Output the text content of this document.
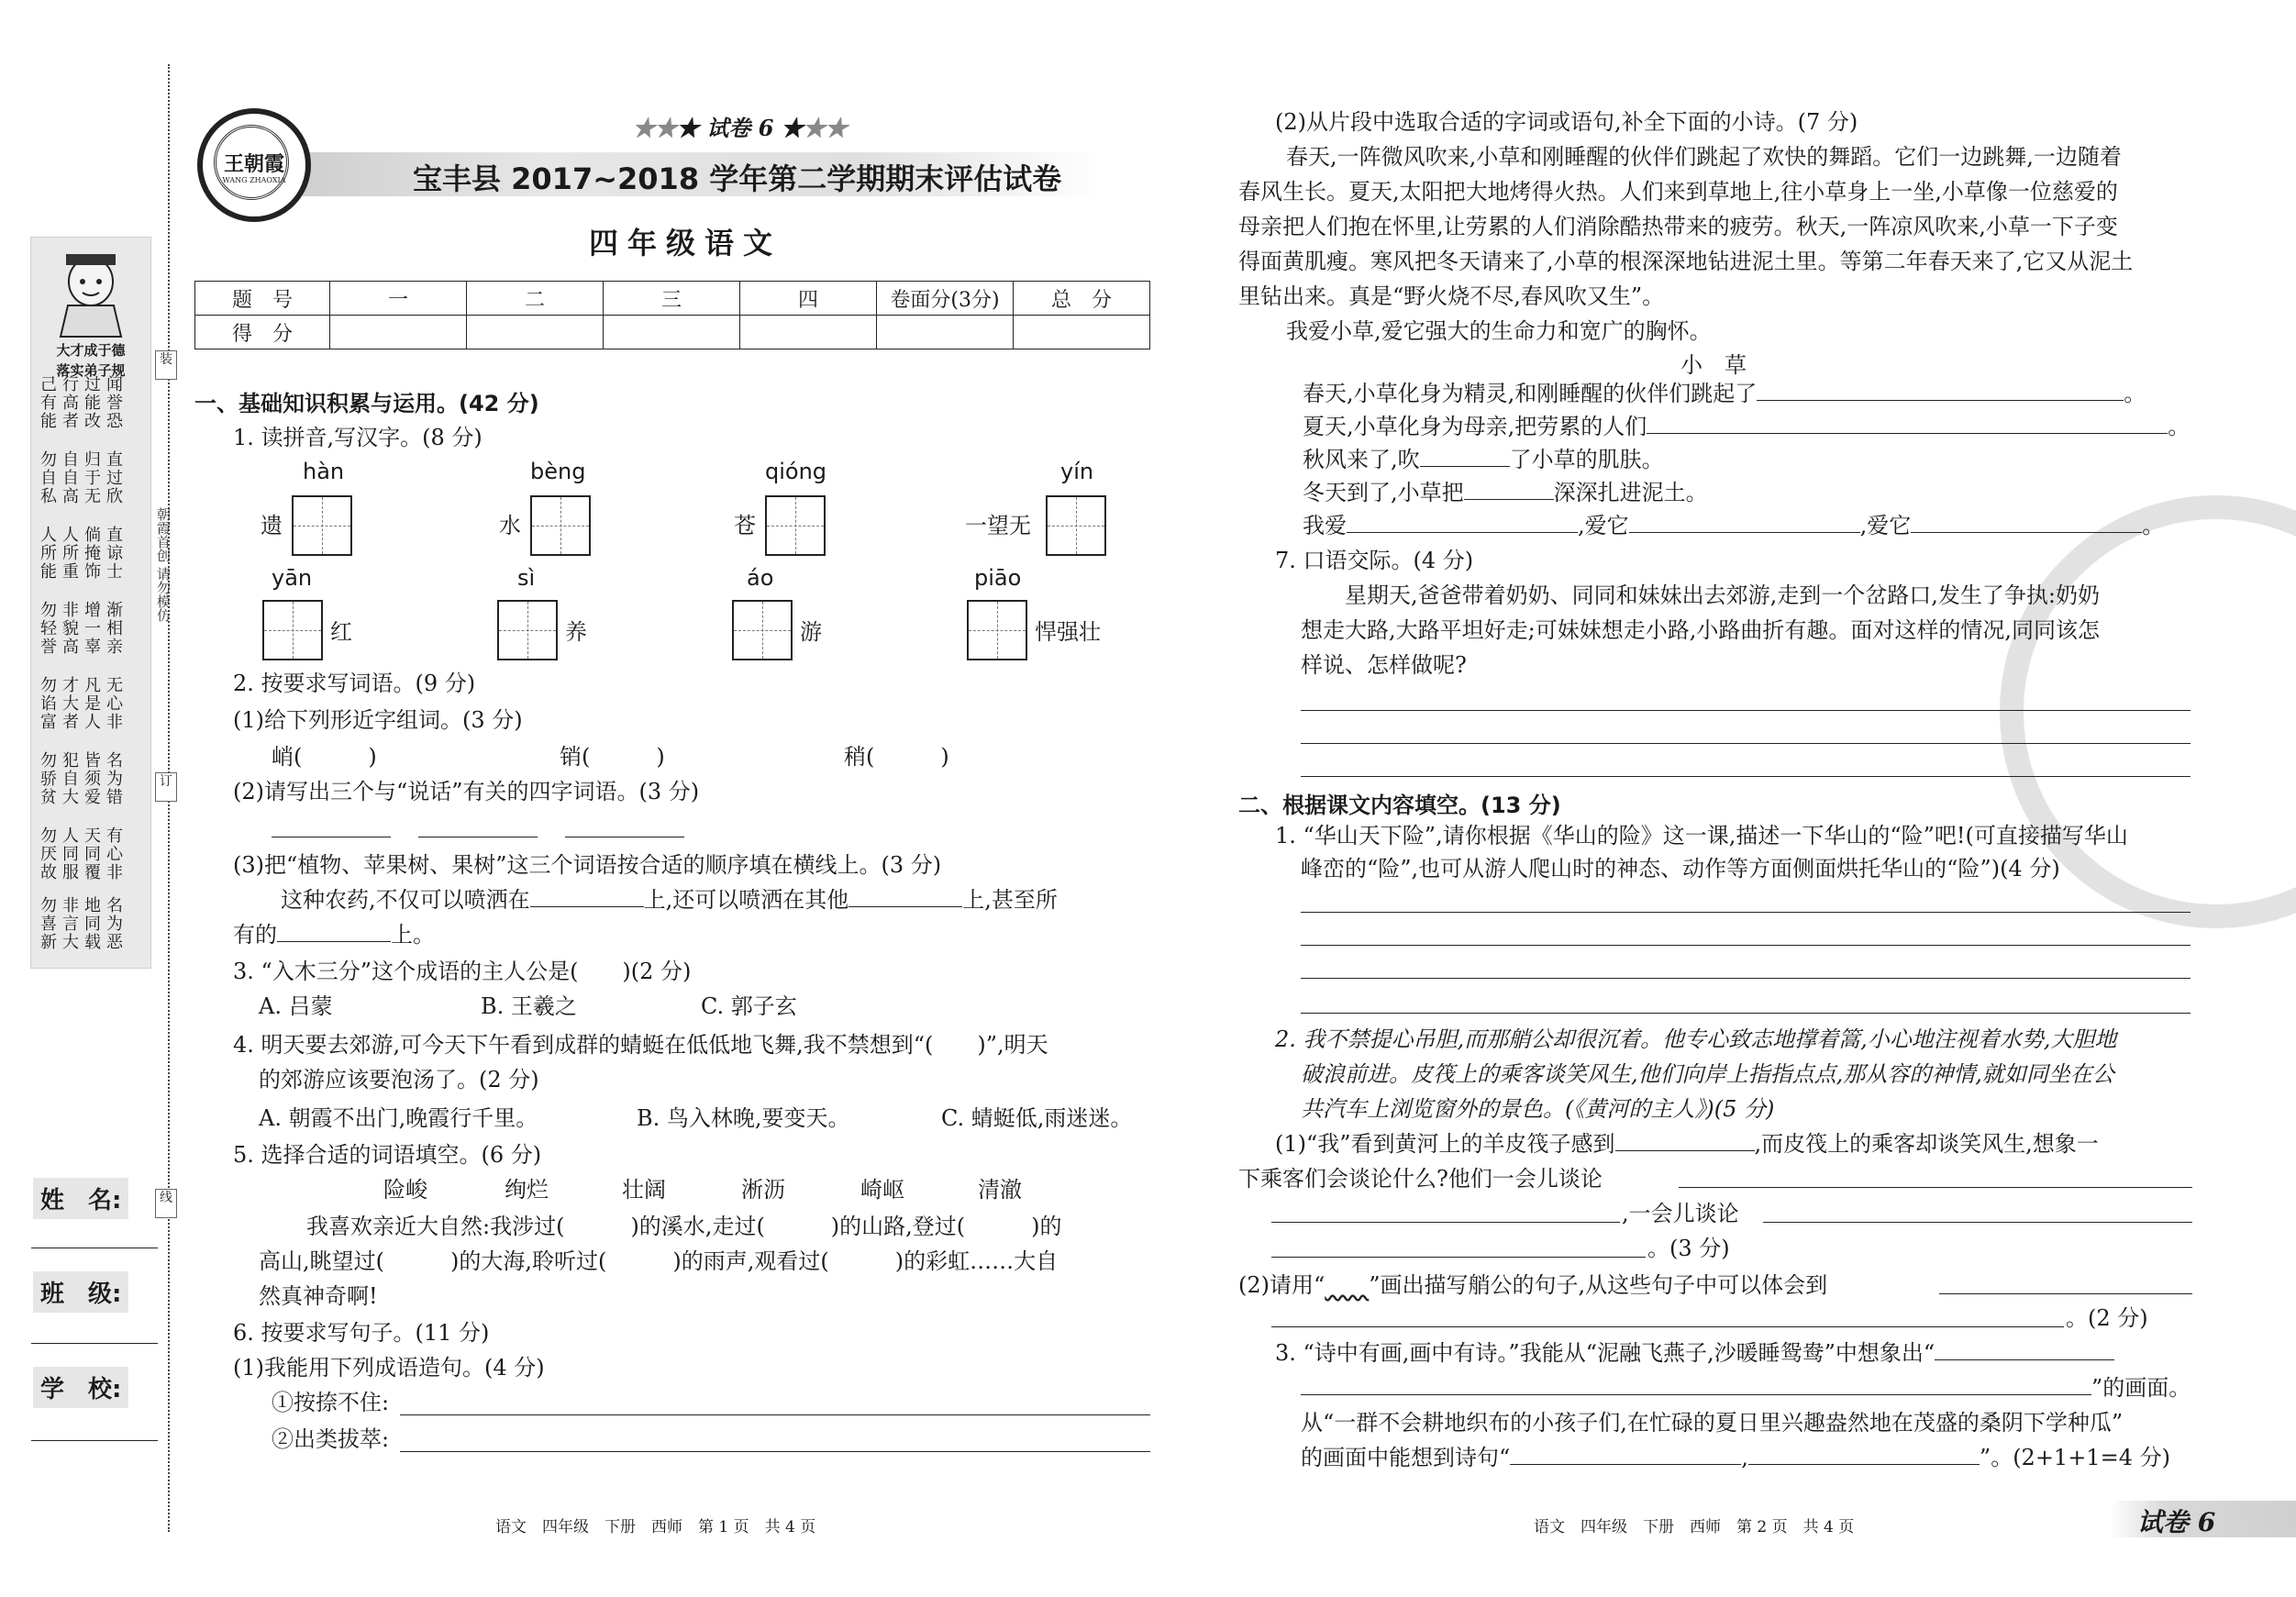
装
订
线
朝霞首创 请勿模仿
大才成于德
落实弟子规
己行过闻
有高能誉
能者改恐
勿自归直
自自于过
私高无欣
人人倘直
所所掩谅
能重饰士
勿非增渐
轻貌一相
誉高辜亲
勿才凡无
谄大是心
富者人非
勿犯皆名
骄自须为
贫大爱错
勿人天有
厌同同心
故服覆非
勿非地名
喜言同为
新大载恶
姓　名:
班　级:
学　校:
王朝霞
WANG ZHAOXIA
★★★ 试卷 6 ★★★
宝丰县 2017~2018 学年第二学期期末评估试卷
四年级语文
题　号	一	二	三	四	卷面分(3分)	总　分
得　分						
一、基础知识积累与运用。(42 分)
1. 读拼音,写汉字。(8 分)
hàn
遗
bèng
水
qióng
苍
yín
一望无
yān
红
sì
养
áo
游
piāo
悍强壮
2. 按要求写词语。(9 分)
(1)给下列形近字组词。(3 分)
峭(　　　)	销(　　　)	稍(　　　)
(2)请写出三个与“说话”有关的四字词语。(3 分)
(3)把“植物、苹果树、果树”这三个词语按合适的顺序填在横线上。(3 分)
这种农药,不仅可以喷洒在	上,还可以喷洒在其他	上,甚至所
有的	上。
3. “入木三分”这个成语的主人公是(　　)(2 分)
A. 吕蒙	B. 王羲之	C. 郭子玄
4. 明天要去郊游,可今天下午看到成群的蜻蜓在低低地飞舞,我不禁想到“(　　)”,明天
的郊游应该要泡汤了。(2 分)
A. 朝霞不出门,晚霞行千里。	B. 鸟入林晚,要变天。	C. 蜻蜓低,雨迷迷。
5. 选择合适的词语填空。(6 分)
险峻	绚烂	壮阔	淅沥	崎岖	清澈
我喜欢亲近大自然:我涉过(　　　)的溪水,走过(　　　)的山路,登过(　　　)的
高山,眺望过(　　　)的大海,聆听过(　　　)的雨声,观看过(　　　)的彩虹……大自
然真神奇啊!
6. 按要求写句子。(11 分)
(1)我能用下列成语造句。(4 分)
①按捺不住:
②出类拔萃:
语文　四年级　下册　西师　第 1 页　共 4 页
(2)从片段中选取合适的字词或语句,补全下面的小诗。(7 分)
春天,一阵微风吹来,小草和刚睡醒的伙伴们跳起了欢快的舞蹈。它们一边跳舞,一边随着
春风生长。夏天,太阳把大地烤得火热。人们来到草地上,往小草身上一坐,小草像一位慈爱的
母亲把人们抱在怀里,让劳累的人们消除酷热带来的疲劳。秋天,一阵凉风吹来,小草一下子变
得面黄肌瘦。寒风把冬天请来了,小草的根深深地钻进泥土里。等第二年春天来了,它又从泥土
里钻出来。真是“野火烧不尽,春风吹又生”。
我爱小草,爱它强大的生命力和宽广的胸怀。
小　草
春天,小草化身为精灵,和刚睡醒的伙伴们跳起了	。
夏天,小草化身为母亲,把劳累的人们	。
秋风来了,吹	了小草的肌肤。
冬天到了,小草把	深深扎进泥土。
我爱	,爱它	,爱它	。
7. 口语交际。(4 分)
星期天,爸爸带着奶奶、同同和妹妹出去郊游,走到一个岔路口,发生了争执:奶奶
想走大路,大路平坦好走;可妹妹想走小路,小路曲折有趣。面对这样的情况,同同该怎
样说、怎样做呢?
二、根据课文内容填空。(13 分)
1. “华山天下险”,请你根据《华山的险》这一课,描述一下华山的“险”吧!(可直接描写华山
峰峦的“险”,也可从游人爬山时的神态、动作等方面侧面烘托华山的“险”)(4 分)
2. 我不禁提心吊胆,而那艄公却很沉着。他专心致志地撑着篙,小心地注视着水势,大胆地
破浪前进。皮筏上的乘客谈笑风生,他们向岸上指指点点,那从容的神情,就如同坐在公
共汽车上浏览窗外的景色。(《黄河的主人》)(5 分)
(1)“我”看到黄河上的羊皮筏子感到	,而皮筏上的乘客却谈笑风生,想象一
下乘客们会谈论什么?他们一会儿谈论
,一会儿谈论
。(3 分)
(2)请用“　　 ”画出描写艄公的句子,从这些句子中可以体会到
。(2 分)
3. “诗中有画,画中有诗。”我能从“泥融飞燕子,沙暖睡鸳鸯”中想象出“
”的画面。
从“一群不会耕地织布的小孩子们,在忙碌的夏日里兴趣盎然地在茂盛的桑阴下学种瓜”
的画面中能想到诗句“	,	”。(2+1+1=4 分)
语文　四年级　下册　西师　第 2 页　共 4 页	试卷 6
